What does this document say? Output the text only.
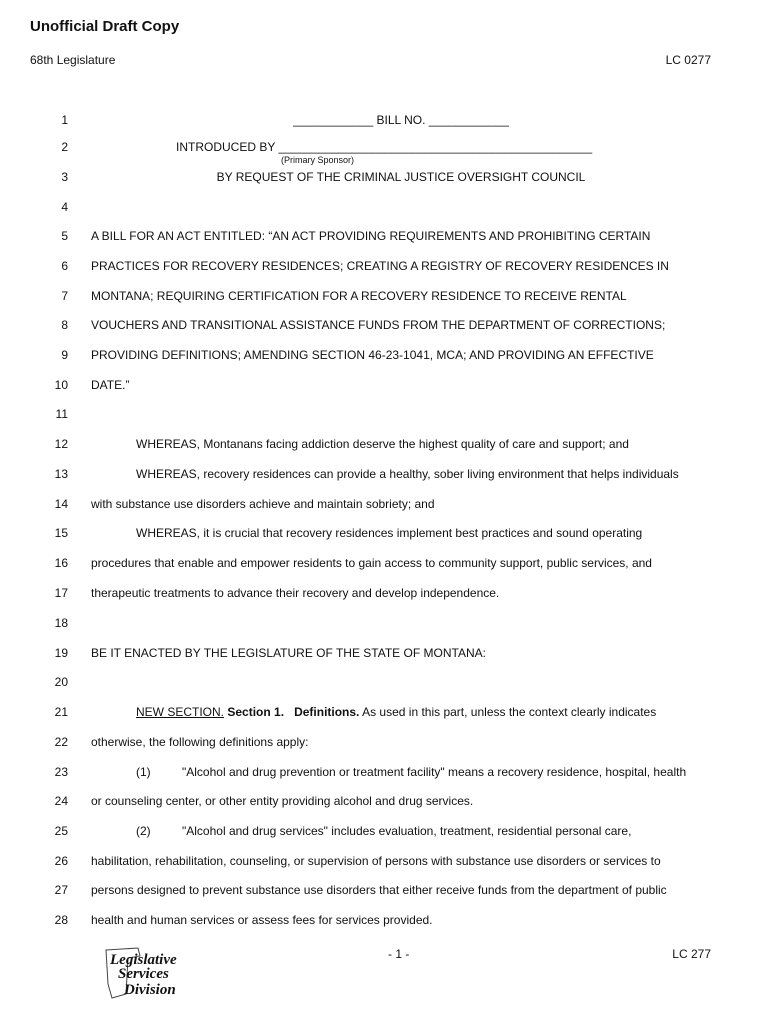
Unofficial Draft Copy
68th Legislature	LC 0277
1
2
3
4
5
6
7
8
9
10
11
12
13
14
15
16
17
18
19
20
21
22
23
24
25
26
27
28
____________ BILL NO. ____________
INTRODUCED BY _______________________________________________
(Primary Sponsor)
BY REQUEST OF THE CRIMINAL JUSTICE OVERSIGHT COUNCIL
A BILL FOR AN ACT ENTITLED: “AN ACT PROVIDING REQUIREMENTS AND PROHIBITING CERTAIN
PRACTICES FOR RECOVERY RESIDENCES; CREATING A REGISTRY OF RECOVERY RESIDENCES IN
MONTANA; REQUIRING CERTIFICATION FOR A RECOVERY RESIDENCE TO RECEIVE RENTAL
VOUCHERS AND TRANSITIONAL ASSISTANCE FUNDS FROM THE DEPARTMENT OF CORRECTIONS;
PROVIDING DEFINITIONS; AMENDING SECTION 46-23-1041, MCA; AND PROVIDING AN EFFECTIVE
DATE.”
WHEREAS, Montanans facing addiction deserve the highest quality of care and support; and
WHEREAS, recovery residences can provide a healthy, sober living environment that helps individuals
with substance use disorders achieve and maintain sobriety; and
WHEREAS, it is crucial that recovery residences implement best practices and sound operating
procedures that enable and empower residents to gain access to community support, public services, and
therapeutic treatments to advance their recovery and develop independence.
BE IT ENACTED BY THE LEGISLATURE OF THE STATE OF MONTANA:
NEW SECTION. Section 1. Definitions. As used in this part, unless the context clearly indicates
otherwise, the following definitions apply:
(1)	"Alcohol and drug prevention or treatment facility" means a recovery residence, hospital, health
or counseling center, or other entity providing alcohol and drug services.
(2)	"Alcohol and drug services" includes evaluation, treatment, residential personal care,
habilitation, rehabilitation, counseling, or supervision of persons with substance use disorders or services to
persons designed to prevent substance use disorders that either receive funds from the department of public
health and human services or assess fees for services provided.
Legislative
Services
Division
- 1 -	LC 277
